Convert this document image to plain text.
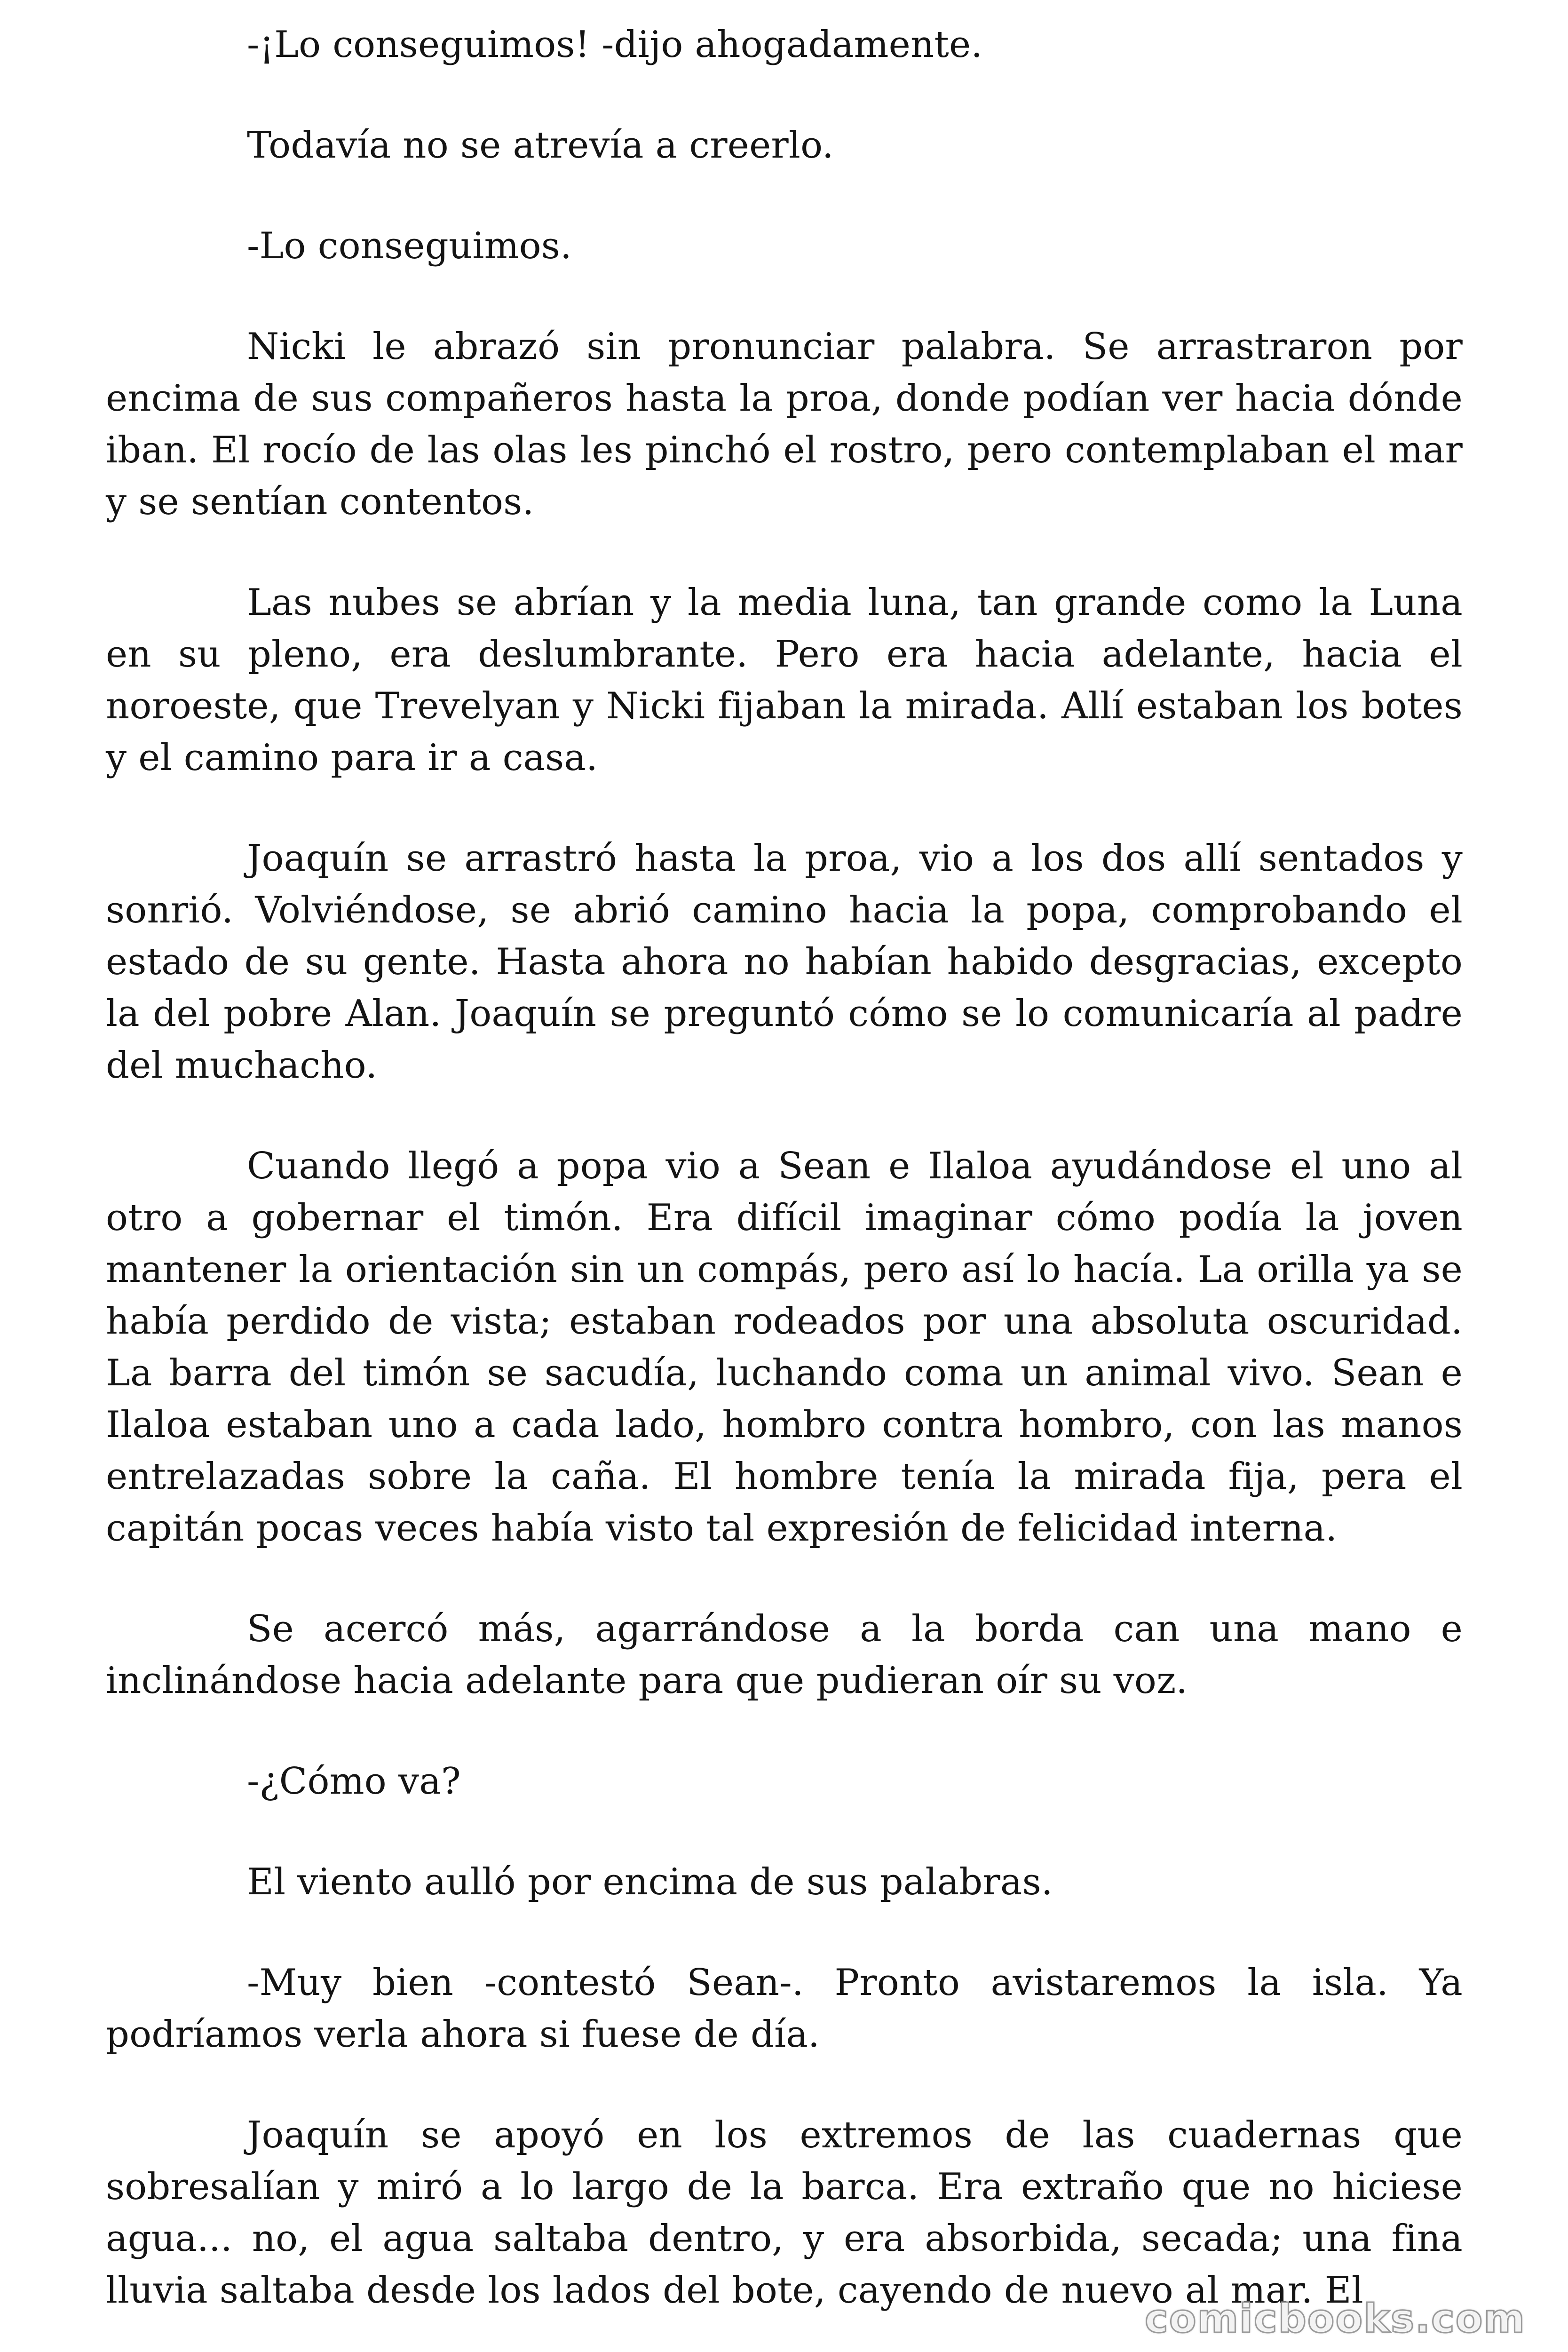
-¡Lo conseguimos! -dijo ahogadamente.

Todavía no se atrevía a creerlo.

-Lo conseguimos.

Nicki le abrazó sin pronunciar palabra. Se arrastraron por encima de sus compañeros hasta la proa, donde podían ver hacia dónde iban. El rocío de las olas les pinchó el rostro, pero contemplaban el mar y se sentían contentos.

Las nubes se abrían y la media luna, tan grande como la Luna en su pleno, era deslumbrante. Pero era hacia adelante, hacia el noroeste, que Trevelyan y Nicki fijaban la mirada. Allí estaban los botes y el camino para ir a casa.

Joaquín se arrastró hasta la proa, vio a los dos allí sentados y sonrió. Volviéndose, se abrió camino hacia la popa, comprobando el estado de su gente. Hasta ahora no habían habido desgracias, excepto la del pobre Alan. Joaquín se preguntó cómo se lo comunicaría al padre del muchacho.

Cuando llegó a popa vio a Sean e Ilaloa ayudándose el uno al otro a gobernar el timón. Era difícil imaginar cómo podía la joven mantener la orientación sin un compás, pero así lo hacía. La orilla ya se había perdido de vista; estaban rodeados por una absoluta oscuridad. La barra del timón se sacudía, luchando coma un animal vivo. Sean e Ilaloa estaban uno a cada lado, hombro contra hombro, con las manos entrelazadas sobre la caña. El hombre tenía la mirada fija, pera el capitán pocas veces había visto tal expresión de felicidad interna.

Se acercó más, agarrándose a la borda can una mano e inclinándose hacia adelante para que pudieran oír su voz.

-¿Cómo va?

El viento aulló por encima de sus palabras.

-Muy bien -contestó Sean-. Pronto avistaremos la isla. Ya podríamos verla ahora si fuese de día.

Joaquín se apoyó en los extremos de las cuadernas que sobresalían y miró a lo largo de la barca. Era extraño que no hiciese agua... no, el agua saltaba dentro, y era absorbida, secada; una fina lluvia saltaba desde los lados del bote, cayendo de nuevo al mar. El

comicbooks.com
